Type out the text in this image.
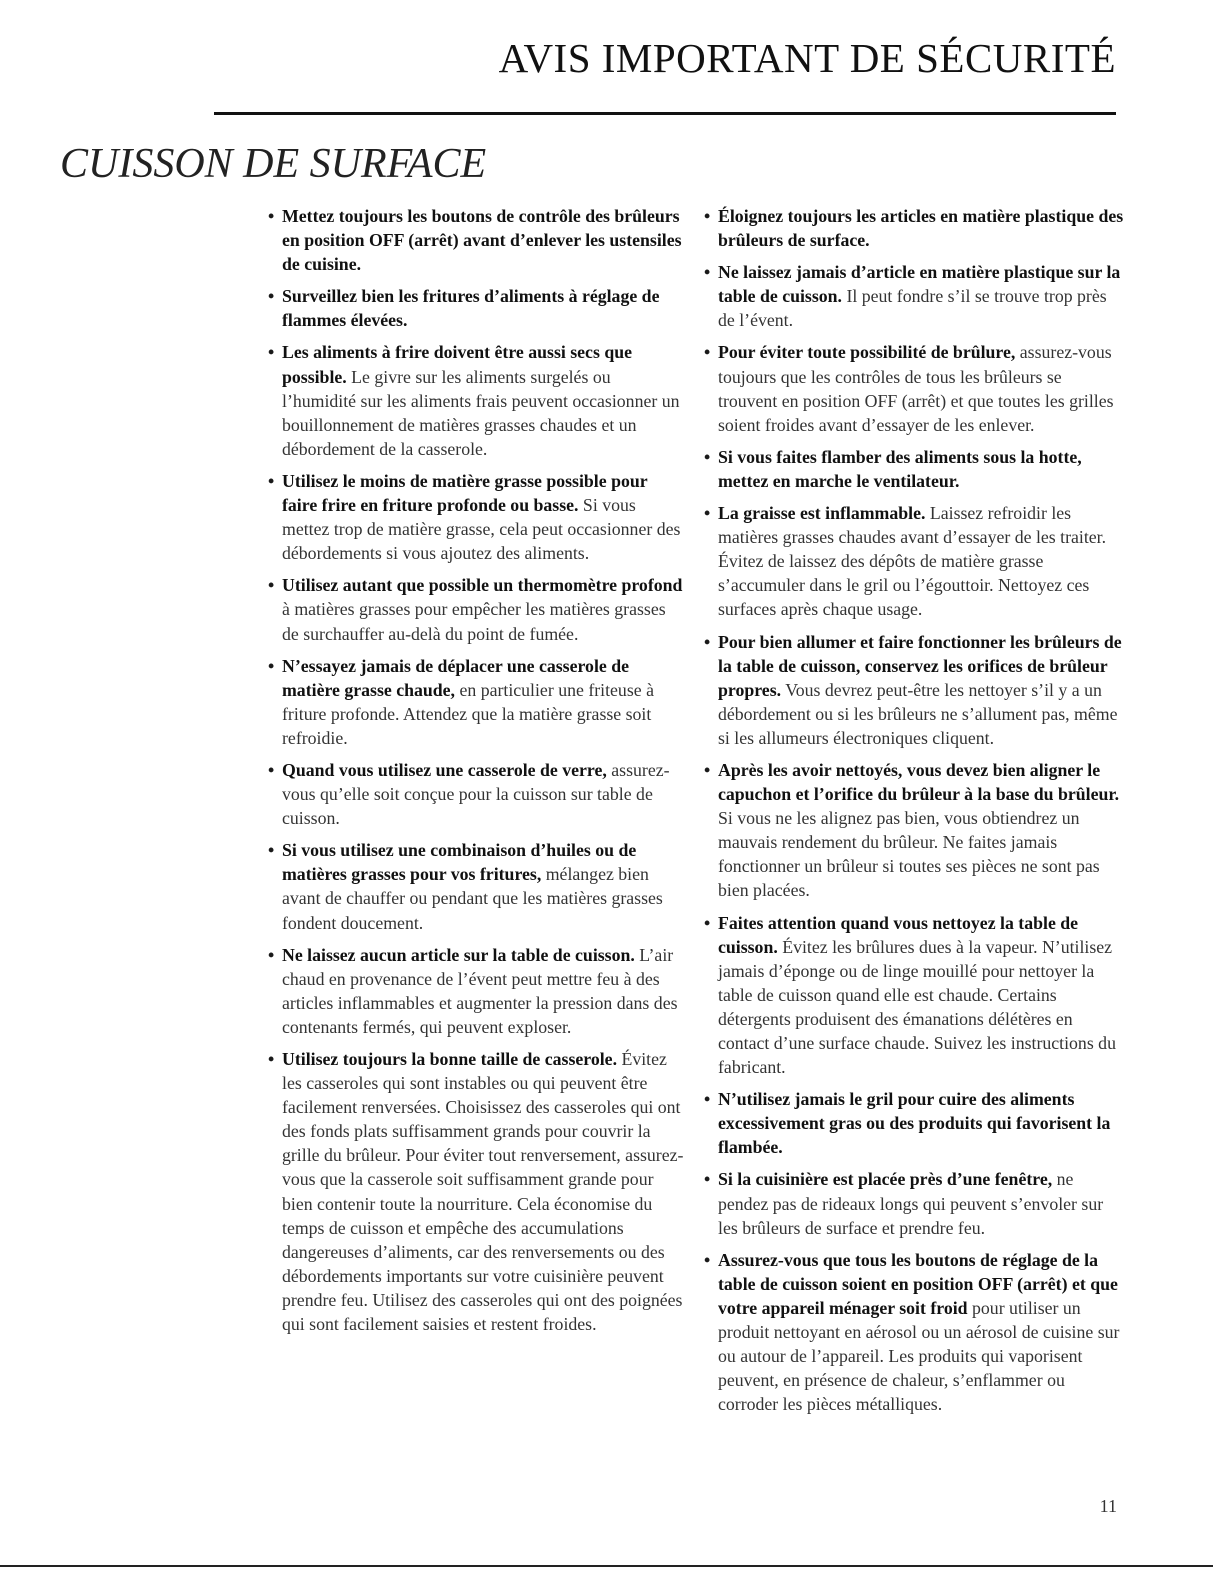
AVIS IMPORTANT DE SÉCURITÉ
CUISSON DE SURFACE
• Mettez toujours les boutons de contrôle des brûleurs en position OFF (arrêt) avant d’enlever les ustensiles de cuisine.
• Surveillez bien les fritures d’aliments à réglage de flammes élevées.
• Les aliments à frire doivent être aussi secs que possible. Le givre sur les aliments surgelés ou l’humidité sur les aliments frais peuvent occasionner un bouillonnement de matières grasses chaudes et un débordement de la casserole.
• Utilisez le moins de matière grasse possible pour faire frire en friture profonde ou basse. Si vous mettez trop de matière grasse, cela peut occasionner des débordements si vous ajoutez des aliments.
• Utilisez autant que possible un thermomètre profond à matières grasses pour empêcher les matières grasses de surchauffer au-delà du point de fumée.
• N’essayez jamais de déplacer une casserole de matière grasse chaude, en particulier une friteuse à friture profonde. Attendez que la matière grasse soit refroidie.
• Quand vous utilisez une casserole de verre, assurez-vous qu’elle soit conçue pour la cuisson sur table de cuisson.
• Si vous utilisez une combinaison d’huiles ou de matières grasses pour vos fritures, mélangez bien avant de chauffer ou pendant que les matières grasses fondent doucement.
• Ne laissez aucun article sur la table de cuisson. L’air chaud en provenance de l’évent peut mettre feu à des articles inflammables et augmenter la pression dans des contenants fermés, qui peuvent exploser.
• Utilisez toujours la bonne taille de casserole. Évitez les casseroles qui sont instables ou qui peuvent être facilement renversées. Choisissez des casseroles qui ont des fonds plats suffisamment grands pour couvrir la grille du brûleur. Pour éviter tout renversement, assurez-vous que la casserole soit suffisamment grande pour bien contenir toute la nourriture. Cela économise du temps de cuisson et empêche des accumulations dangereuses d’aliments, car des renversements ou des débordements importants sur votre cuisinière peuvent prendre feu. Utilisez des casseroles qui ont des poignées qui sont facilement saisies et restent froides.
• Éloignez toujours les articles en matière plastique des brûleurs de surface.
• Ne laissez jamais d’article en matière plastique sur la table de cuisson. Il peut fondre s’il se trouve trop près de l’évent.
• Pour éviter toute possibilité de brûlure, assurez-vous toujours que les contrôles de tous les brûleurs se trouvent en position OFF (arrêt) et que toutes les grilles soient froides avant d’essayer de les enlever.
• Si vous faites flamber des aliments sous la hotte, mettez en marche le ventilateur.
• La graisse est inflammable. Laissez refroidir les matières grasses chaudes avant d’essayer de les traiter. Évitez de laissez des dépôts de matière grasse s’accumuler dans le gril ou l’égouttoir. Nettoyez ces surfaces après chaque usage.
• Pour bien allumer et faire fonctionner les brûleurs de la table de cuisson, conservez les orifices de brûleur propres. Vous devrez peut-être les nettoyer s’il y a un débordement ou si les brûleurs ne s’allument pas, même si les allumeurs électroniques cliquent.
• Après les avoir nettoyés, vous devez bien aligner le capuchon et l’orifice du brûleur à la base du brûleur. Si vous ne les alignez pas bien, vous obtiendrez un mauvais rendement du brûleur. Ne faites jamais fonctionner un brûleur si toutes ses pièces ne sont pas bien placées.
• Faites attention quand vous nettoyez la table de cuisson. Évitez les brûlures dues à la vapeur. N’utilisez jamais d’éponge ou de linge mouillé pour nettoyer la table de cuisson quand elle est chaude. Certains détergents produisent des émanations délétères en contact d’une surface chaude. Suivez les instructions du fabricant.
• N’utilisez jamais le gril pour cuire des aliments excessivement gras ou des produits qui favorisent la flambée.
• Si la cuisinière est placée près d’une fenêtre, ne pendez pas de rideaux longs qui peuvent s’envoler sur les brûleurs de surface et prendre feu.
• Assurez-vous que tous les boutons de réglage de la table de cuisson soient en position OFF (arrêt) et que votre appareil ménager soit froid pour utiliser un produit nettoyant en aérosol ou un aérosol de cuisine sur ou autour de l’appareil. Les produits qui vaporisent peuvent, en présence de chaleur, s’enflammer ou corroder les pièces métalliques.
11
